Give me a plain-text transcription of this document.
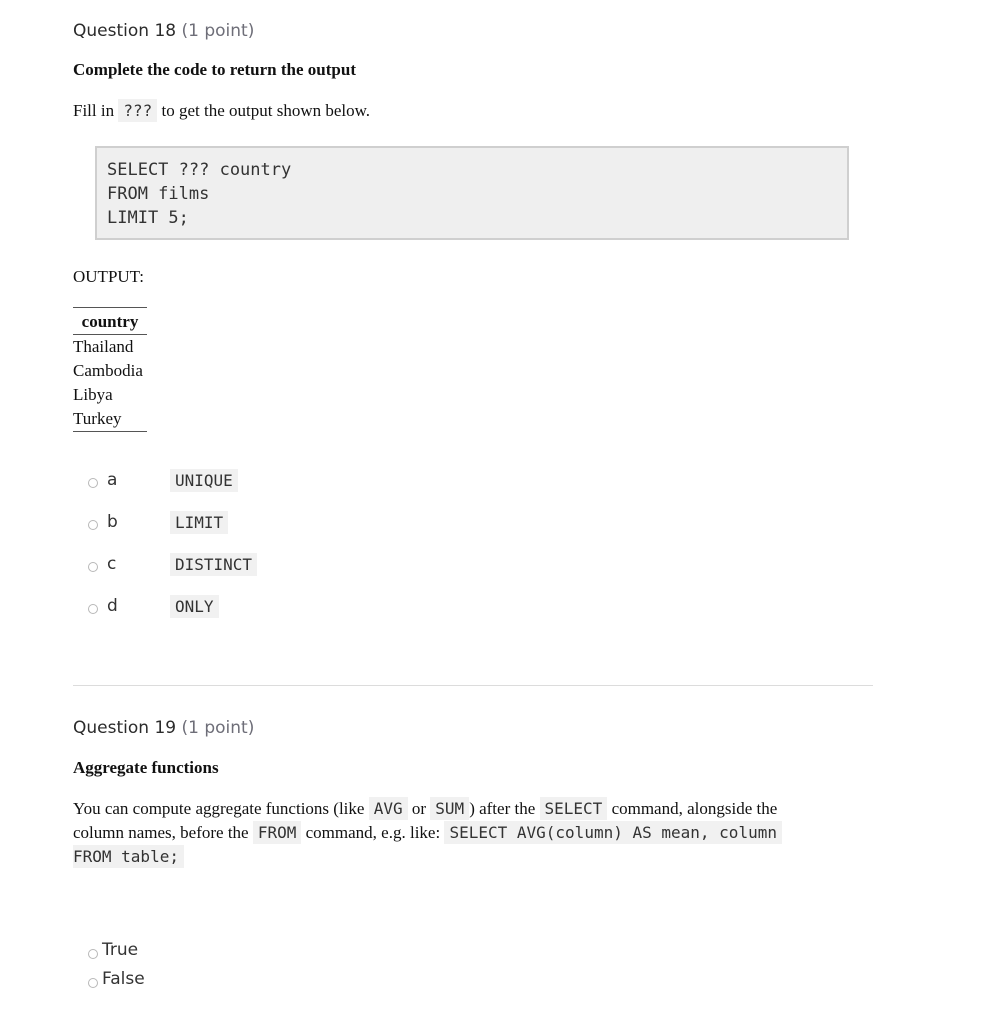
Question 18 (1 point)
Complete the code to return the output
Fill in ??? to get the output shown below.
SELECT ??? country
FROM films
LIMIT 5;
OUTPUT:
country
Thailand
Cambodia
Libya
Turkey
a	UNIQUE
b	LIMIT
c	DISTINCT
d	ONLY
Question 19 (1 point)
Aggregate functions
You can compute aggregate functions (like AVG or SUM ) after the SELECT command, alongside the
column names, before the FROM command, e.g. like: SELECT AVG(column) AS mean, column
FROM table;
True
False
